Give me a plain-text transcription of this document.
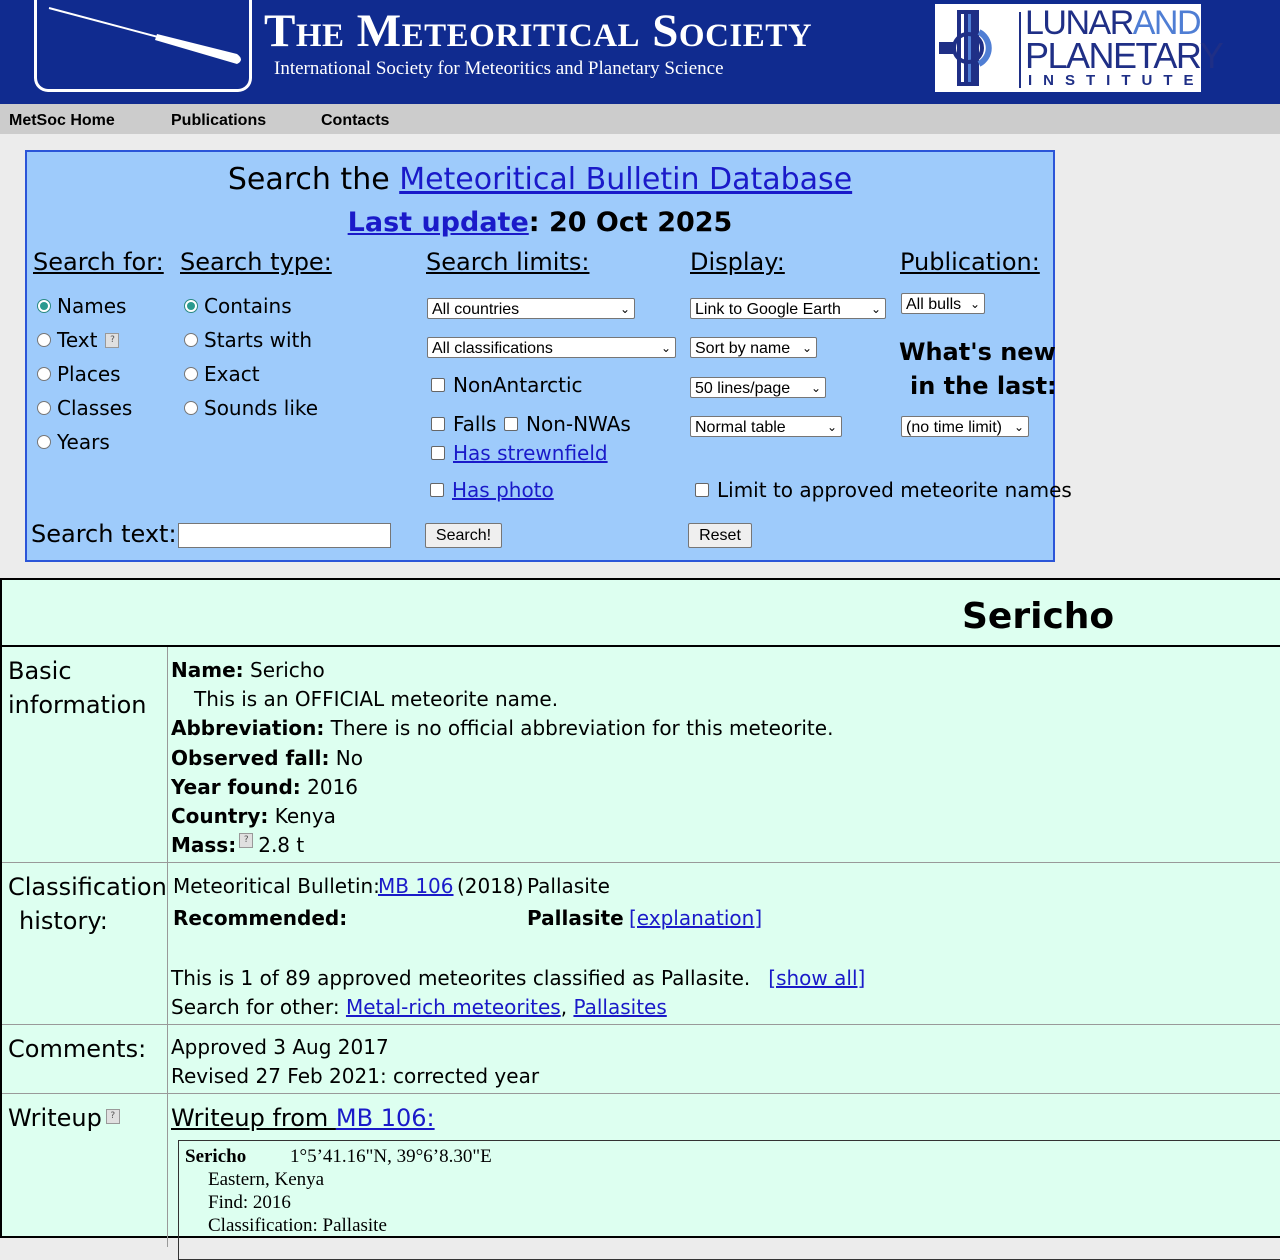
The Meteoritical Society
International Society for Meteoritics and Planetary Science
LUNARAND
PLANETARY
INSTITUTE
MetSoc Home	Publications	Contacts
Search the Meteoritical Bulletin Database
Last update: 20 Oct 2025
Search for: Search type:	Search limits:	Display:	Publication:
Names
Text	?
Places
Classes
Years
Contains
Starts with
Exact
Sounds like
All countries	⌄
All classifications	⌄
NonAntarctic
Falls Non-NWAs
Has strewnfield
Has photo
Link to Google Earth	⌄
Sort by name ⌄
50 lines/page ⌄
Normal table	⌄
Limit to approved meteorite names
All bulls ⌄
What's new
in the last:
(no time limit) ⌄
Search text:	Search!	Reset
Sericho
Basic
information
Name: Sericho
This is an OFFICIAL meteorite name.
Abbreviation: There is no official abbreviation for this meteorite.
Observed fall: No
Year found: 2016
Country: Kenya
Mass: ? 2.8 t
Classification
history:
Meteoritical Bulletin:
MB 106 (2018) Pallasite
Recommended:	Pallasite [explanation]
This is 1 of 89 approved meteorites classified as Pallasite. [show all]
Search for other: Metal-rich meteorites, Pallasites
Comments: Approved 3 Aug 2017
Revised 27 Feb 2021: corrected year
Writeup ? Writeup from MB 106:
Sericho 1°5’41.16"N, 39°6’8.30"E
Eastern, Kenya
Find: 2016
Classification: Pallasite
